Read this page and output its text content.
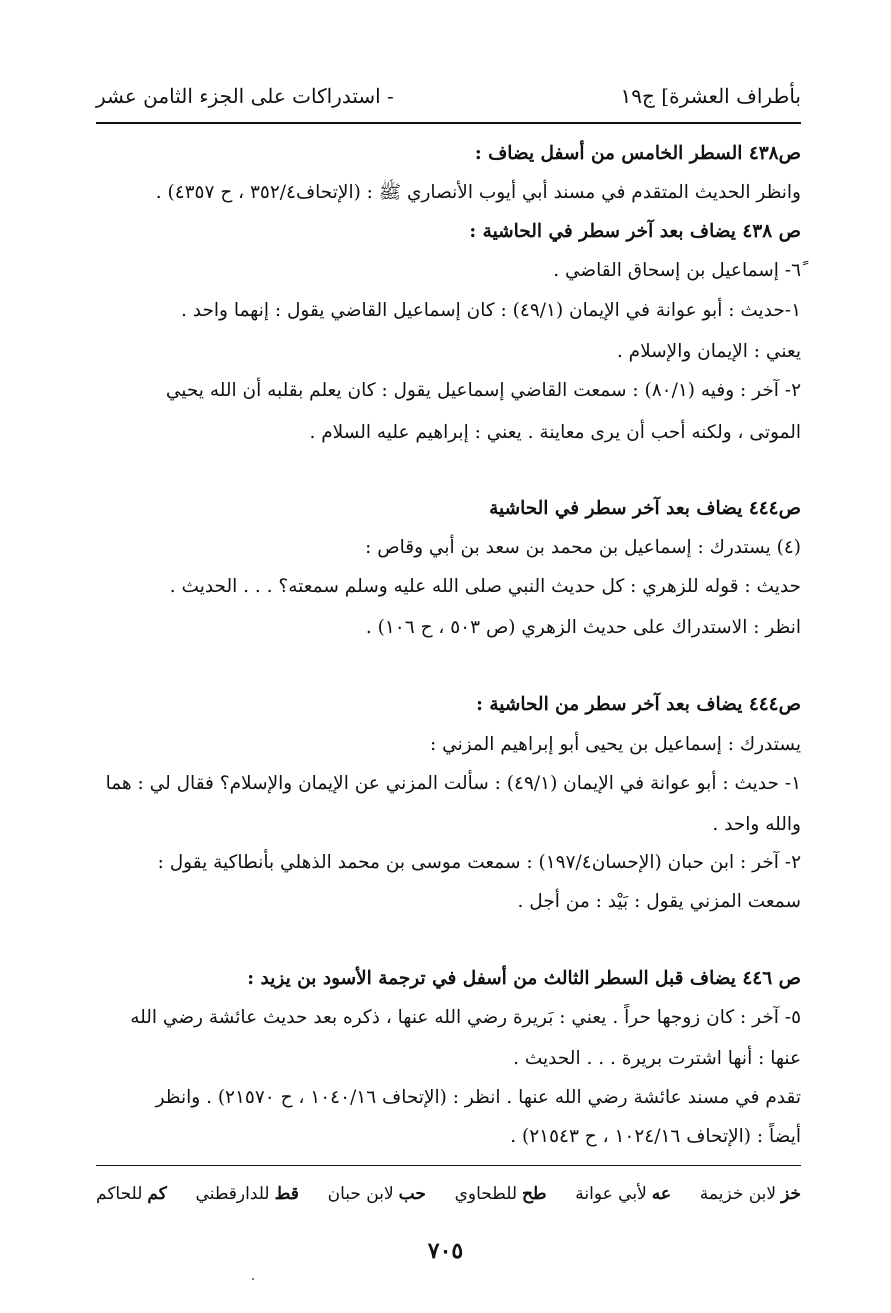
بأطراف العشرة] ج١٩
- استدراكات على الجزء الثامن عشر
ص٤٣٨ السطر الخامس من أسفل يضاف :
وانظر الحديث المتقدم في مسند أبي أيوب الأنصاري ﷺ : (الإتحاف٣٥٢/٤ ، ح ٤٣٥٧) .
ص ٤٣٨ يضاف بعد آخر سطر في الحاشية :
٦ً- إسماعيل بن إسحاق القاضي .
١-حديث : أبو عوانة في الإيمان (٤٩/١) : كان إسماعيل القاضي يقول : إنهما واحد .
يعني : الإيمان والإسلام .
٢- آخر : وفيه (٨٠/١) : سمعت القاضي إسماعيل يقول : كان يعلم بقلبه أن الله يحيي
الموتى ، ولكنه أحب أن يرى معاينة . يعني : إبراهيم عليه السلام .
ص٤٤٤ يضاف بعد آخر سطر في الحاشية
(٤) يستدرك : إسماعيل بن محمد بن سعد بن أبي وقاص :
حديث : قوله للزهري : كل حديث النبي صلى الله عليه وسلم سمعته؟ . . . الحديث .
انظر : الاستدراك على حديث الزهري (ص ٥٠٣ ، ح ١٠٦) .
ص٤٤٤ يضاف بعد آخر سطر من الحاشية :
يستدرك : إسماعيل بن يحيى أبو إبراهيم المزني :
١- حديث : أبو عوانة في الإيمان (٤٩/١) : سألت المزني عن الإيمان والإسلام؟ فقال لي : هما
والله واحد .
٢- آخر : ابن حبان (الإحسان١٩٧/٤) : سمعت موسى بن محمد الذهلي بأنطاكية يقول :
سمعت المزني يقول : بَيْد : من أجل .
ص ٤٤٦ يضاف قبل السطر الثالث من أسفل في ترجمة الأسود بن يزيد :
٥- آخر : كان زوجها حراً . يعني : بَريرة رضي الله عنها ، ذكره بعد حديث عائشة رضي الله
عنها : أنها اشترت بريرة . . . الحديث .
تقدم في مسند عائشة رضي الله عنها . انظر : (الإتحاف ١٠٤٠/١٦ ، ح ٢١٥٧٠) . وانظر
أيضاً : (الإتحاف ١٠٢٤/١٦ ، ح ٢١٥٤٣) .
خز
لابن خزيمة
عه
لأبي عوانة
طح
للطحاوي
حب
لابن حبان
قط
للدارقطني
كم
للحاكم
٧٠٥
